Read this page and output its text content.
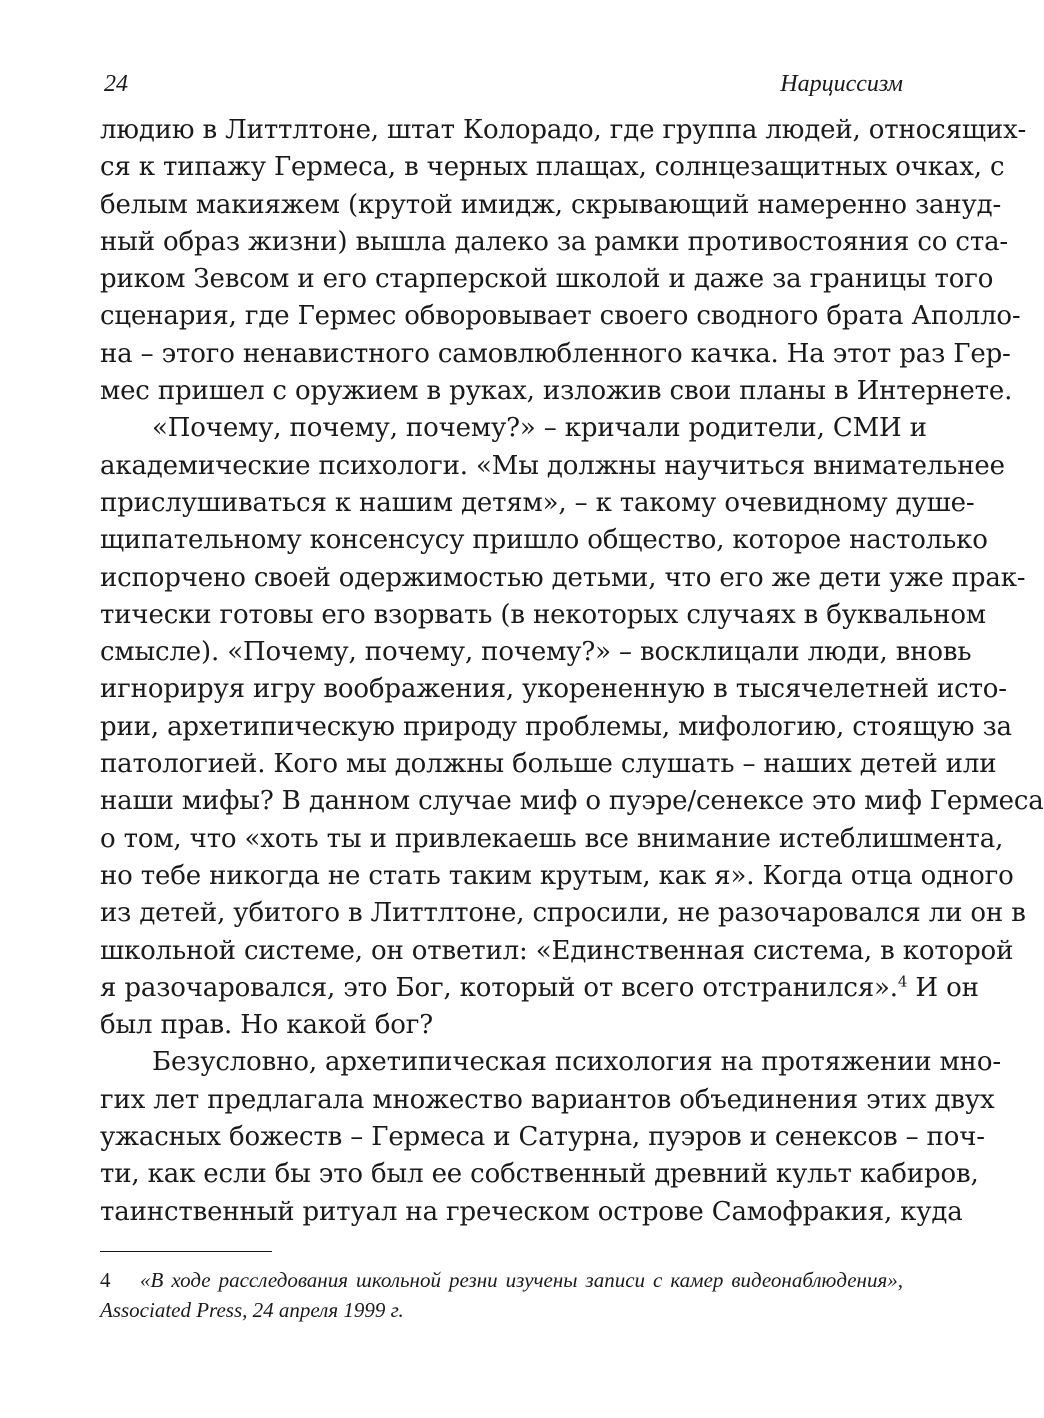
24	Нарциссизм
людию в Литтлтоне, штат Колорадо, где группа людей, относящих-
ся к типажу Гермеса, в черных плащах, солнцезащитных очках, с
белым макияжем (крутой имидж, скрывающий намеренно зануд-
ный образ жизни) вышла далеко за рамки противостояния со ста-
риком Зевсом и его старперской школой и даже за границы того
сценария, где Гермес обворовывает своего сводного брата Аполло-
на – этого ненавистного самовлюбленного качка. На этот раз Гер-
мес пришел с оружием в руках, изложив свои планы в Интернете.
«Почему, почему, почему?» – кричали родители, СМИ и
академические психологи. «Мы должны научиться внимательнее
прислушиваться к нашим детям», – к такому очевидному душе-
щипательному консенсусу пришло общество, которое настолько
испорчено своей одержимостью детьми, что его же дети уже прак-
тически готовы его взорвать (в некоторых случаях в буквальном
смысле). «Почему, почему, почему?» – восклицали люди, вновь
игнорируя игру воображения, укорененную в тысячелетней исто-
рии, архетипическую природу проблемы, мифологию, стоящую за
патологией. Кого мы должны больше слушать – наших детей или
наши мифы? В данном случае миф о пуэре/сенексе это миф Гермеса
о том, что «хоть ты и привлекаешь все внимание истеблишмента,
но тебе никогда не стать таким крутым, как я». Когда отца одного
из детей, убитого в Литтлтоне, спросили, не разочаровался ли он в
школьной системе, он ответил: «Единственная система, в которой
я разочаровался, это Бог, который от всего отстранился».$^4$ И он
был прав. Но какой бог?
Безусловно, архетипическая психология на протяжении мно-
гих лет предлагала множество вариантов объединения этих двух
ужасных божеств – Гермеса и Сатурна, пуэров и сенексов – поч-
ти, как если бы это был ее собственный древний культ кабиров,
таинственный ритуал на греческом острове Самофракия, куда
4 «В ходе расследования школьной резни изучены записи с камер видеонаблюдения»,
Associated Press, 24 апреля 1999 г.
